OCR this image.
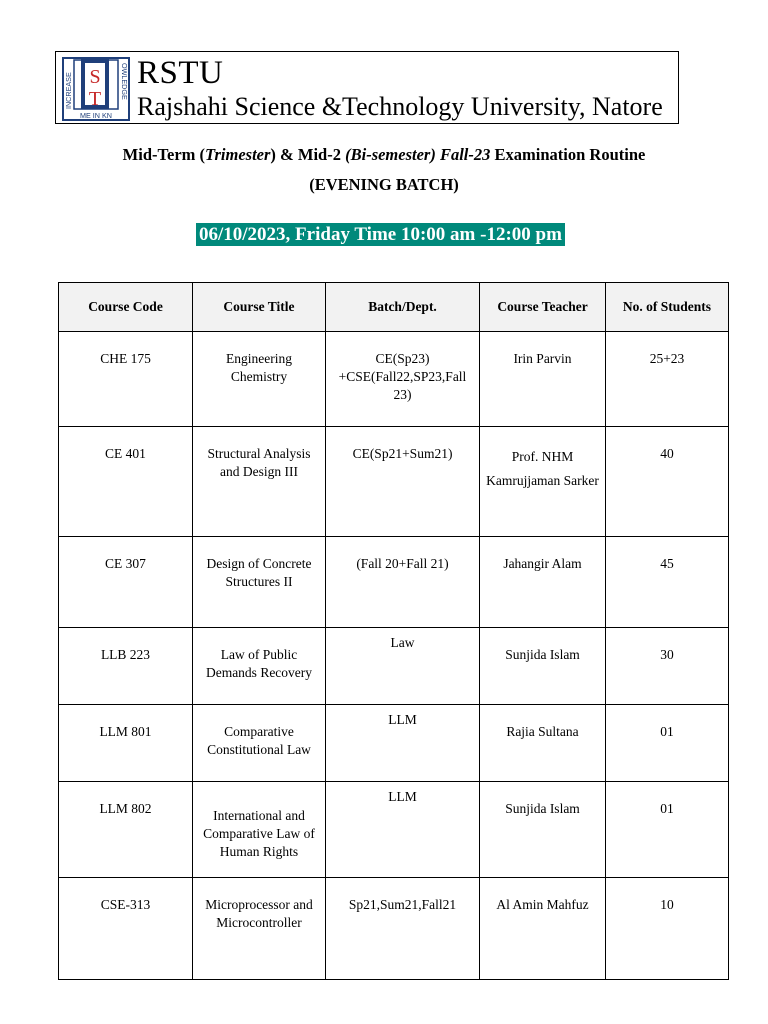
S
T
INCREASE
ME IN KN
OWLEDGE RSTU
Rajshahi Science &Technology University, Natore
Mid-Term (Trimester) & Mid-2 (Bi-semester) Fall-23 Examination Routine
(EVENING BATCH)
06/10/2023, Friday Time 10:00 am -12:00 pm
Course Code	Course Title	Batch/Dept.	Course Teacher	No. of Students
CHE 175	Engineering Chemistry	CE(Sp23) +CSE(Fall22,SP23,Fall 23)	Irin Parvin	25+23
CE 401	Structural Analysis and Design III	CE(Sp21+Sum21)	Prof. NHM Kamrujjaman Sarker	40
CE 307	Design of Concrete Structures II	(Fall 20+Fall 21)	Jahangir Alam	45
LLB 223	Law of Public Demands Recovery	Law	Sunjida Islam	30
LLM 801	Comparative Constitutional Law	LLM	Rajia Sultana	01
LLM 802	International and Comparative Law of Human Rights	LLM	Sunjida Islam	01
CSE-313	Microprocessor and Microcontroller	Sp21,Sum21,Fall21	Al Amin Mahfuz	10
